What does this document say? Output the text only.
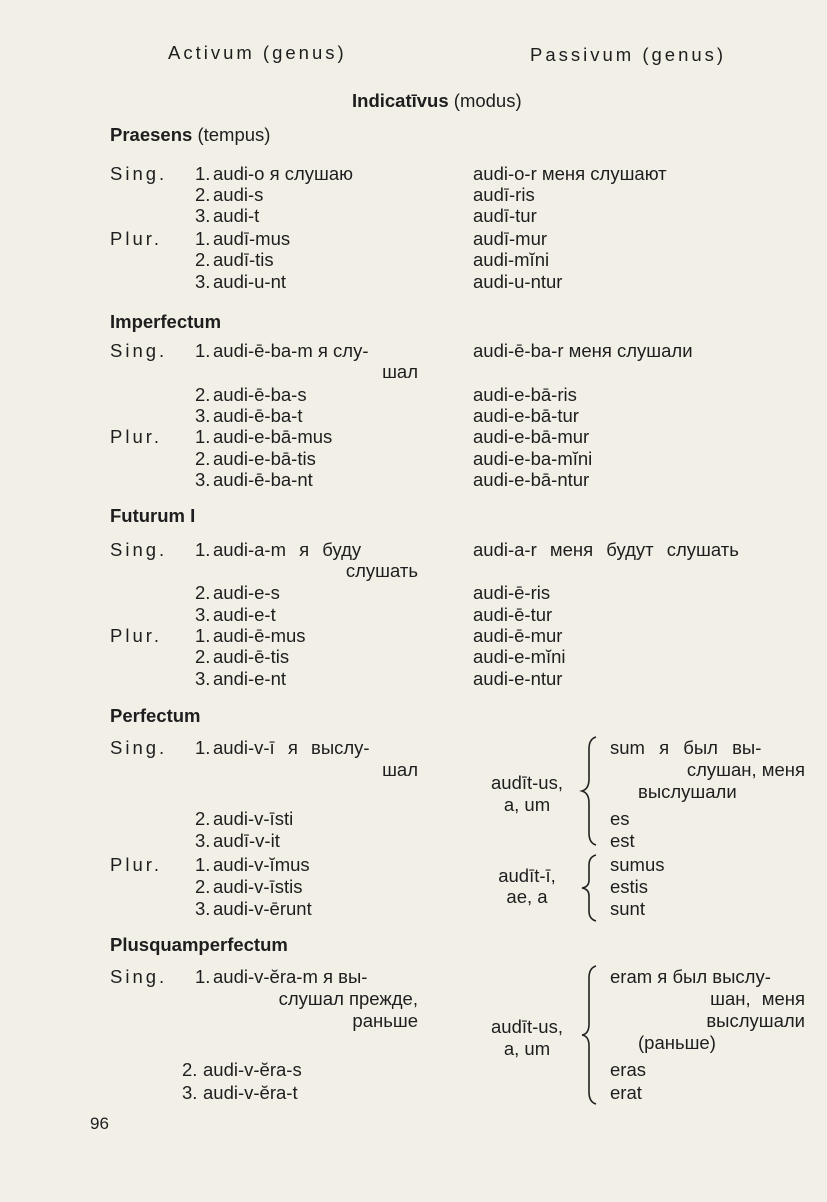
Activum (genus)	Passivum (genus)
Indicatīvus (modus)
Praesens (tempus)
Sing. 1.
2.
3.
Plur. 1.
2.
3.
audi-o я слушаю
audi-s
audi-t
audī-mus
audī-tis
audi-u-nt
audi-o-r меня слушают
audī-ris
audī-tur
audī-mur
audi-mĭni
audi-u-ntur
Imperfectum
Sing. 1.
2.
3.
Plur. 1.
2.
3.
audi-ē-ba-m я слу-
шал
audi-ē-ba-s
audi-ē-ba-t
audi-e-bā-mus
audi-e-bā-tis
audi-ē-ba-nt
audi-ē-ba-r меня слушали
audi-e-bā-ris
audi-e-bā-tur
audi-e-bā-mur
audi-e-ba-mĭni
audi-e-bā-ntur
Futurum I
Sing. 1.
2.
3.
Plur. 1.
2.
3.
audi-a-m я буду
слушать
audi-e-s
audi-e-t
audi-ē-mus
audi-ē-tis
andi-e-nt
audi-a-r меня будут слушать
audi-ē-ris
audi-ē-tur
audi-ē-mur
audi-e-mĭni
audi-e-ntur
Perfectum
Sing. 1.
2.
3.
Plur. 1.
2.
3.
audi-v-ī я выслу-
шал
audi-v-īsti
audī-v-it
audi-v-ĭmus
audi-v-īstis
audi-v-ērunt
audīt-us,
a, um
sum я был вы-
слушан, меня
выслушали
es
est
audīt-ī,
ae, a
sumus
estis
sunt
Plusquamperfectum
Sing. 1.
2.
3.
audi-v-ĕra-m я вы-
слушал прежде,
раньше
audi-v-ĕra-s
audi-v-ĕra-t
audīt-us,
a, um
eram я был выслу-
шан, меня
выслушали
(раньше)
eras
erat
96
